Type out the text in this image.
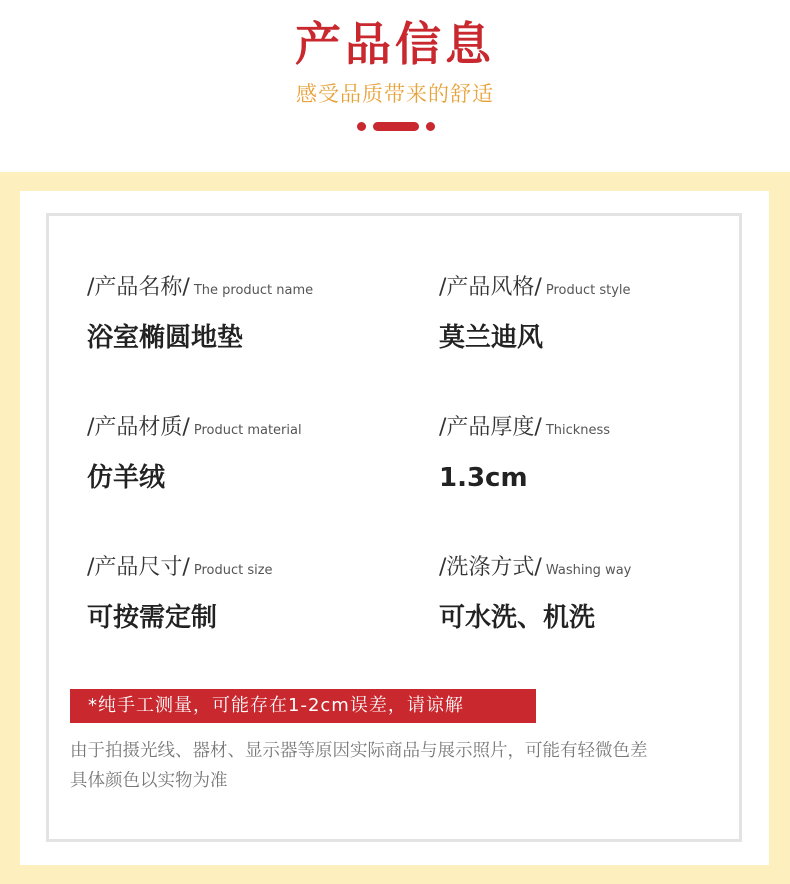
产品信息
感受品质带来的舒适
/产品名称/ The product name
浴室椭圆地垫
/产品风格/ Product style
莫兰迪风
/产品材质/ Product material
仿羊绒
/产品厚度/ Thickness
1.3cm
/产品尺寸/ Product size
可按需定制
/洗涤方式/ Washing way
可水洗、机洗
*纯手工测量，可能存在1-2cm误差，请谅解
由于拍摄光线、器材、显示器等原因实际商品与展示照片，可能有轻微色差
具体颜色以实物为准
